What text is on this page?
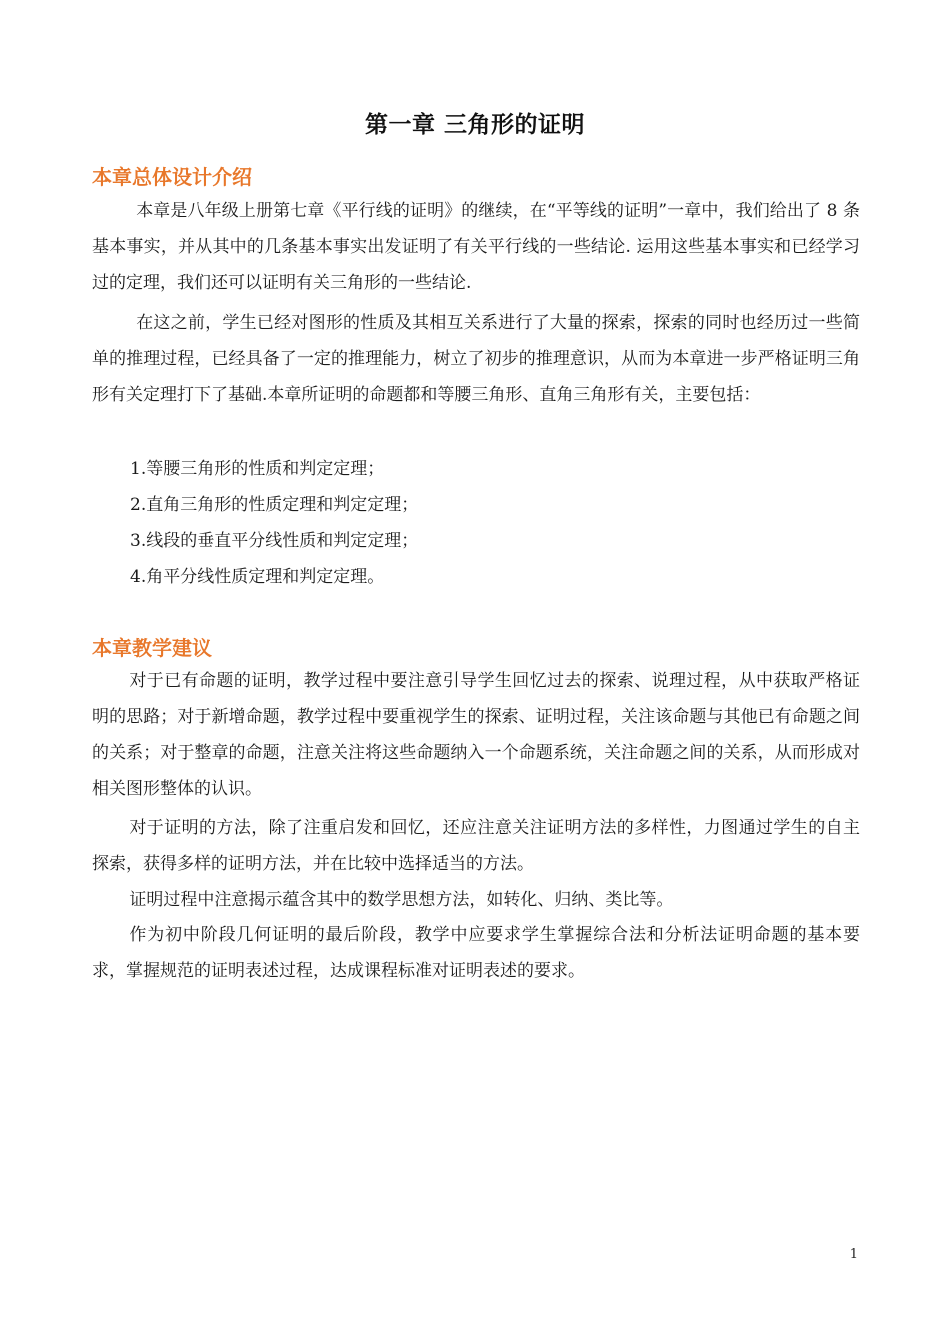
第一章 三角形的证明
本章总体设计介绍

本章是八年级上册第七章《平行线的证明》的继续，在“平等线的证明”一章中，我们给出了 8 条基本事实，并从其中的几条基本事实出发证明了有关平行线的一些结论. 运用这些基本事实和已经学习过的定理，我们还可以证明有关三角形的一些结论.

在这之前，学生已经对图形的性质及其相互关系进行了大量的探索，探索的同时也经历过一些简单的推理过程，已经具备了一定的推理能力，树立了初步的推理意识，从而为本章进一步严格证明三角形有关定理打下了基础.本章所证明的命题都和等腰三角形、直角三角形有关，主要包括：

1.等腰三角形的性质和判定定理；

2.直角三角形的性质定理和判定定理；

3.线段的垂直平分线性质和判定定理；

4.角平分线性质定理和判定定理。

本章教学建议

对于已有命题的证明，教学过程中要注意引导学生回忆过去的探索、说理过程，从中获取严格证明的思路；对于新增命题，教学过程中要重视学生的探索、证明过程，关注该命题与其他已有命题之间的关系；对于整章的命题，注意关注将这些命题纳入一个命题系统，关注命题之间的关系，从而形成对相关图形整体的认识。

对于证明的方法，除了注重启发和回忆，还应注意关注证明方法的多样性，力图通过学生的自主探索，获得多样的证明方法，并在比较中选择适当的方法。

证明过程中注意揭示蕴含其中的数学思想方法，如转化、归纳、类比等。

作为初中阶段几何证明的最后阶段，教学中应要求学生掌握综合法和分析法证明命题的基本要求，掌握规范的证明表述过程，达成课程标准对证明表述的要求。

1
